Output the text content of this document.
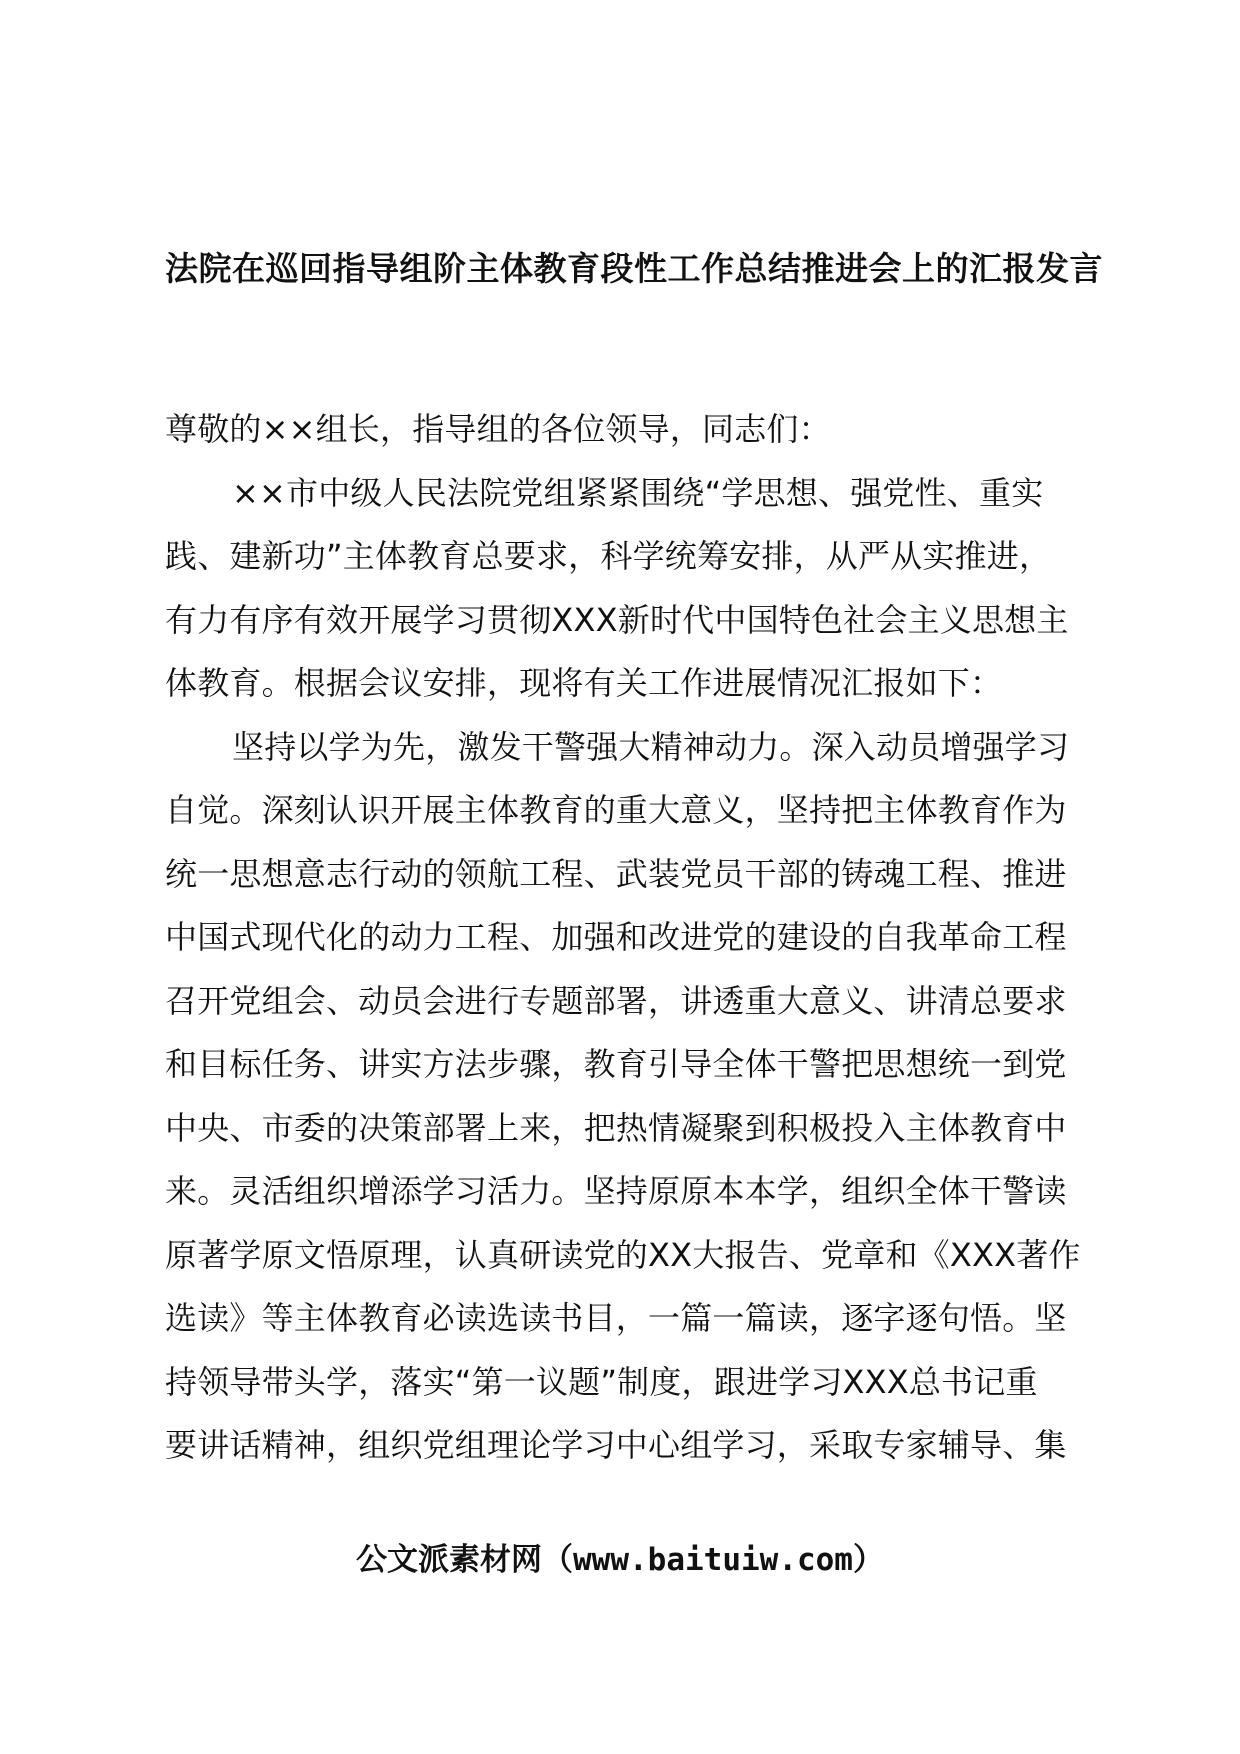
法院在巡回指导组阶主体教育段性工作总结推进会上的汇报发言
尊敬的××组长，指导组的各位领导，同志们：
××市中级人民法院党组紧紧围绕“学思想、强党性、重实
践、建新功”主体教育总要求，科学统筹安排，从严从实推进，
有力有序有效开展学习贯彻XXX新时代中国特色社会主义思想主
体教育。根据会议安排，现将有关工作进展情况汇报如下：
坚持以学为先，激发干警强大精神动力。深入动员增强学习
自觉。深刻认识开展主体教育的重大意义，坚持把主体教育作为
统一思想意志行动的领航工程、武装党员干部的铸魂工程、推进
中国式现代化的动力工程、加强和改进党的建设的自我革命工程
召开党组会、动员会进行专题部署，讲透重大意义、讲清总要求
和目标任务、讲实方法步骤，教育引导全体干警把思想统一到党
中央、市委的决策部署上来，把热情凝聚到积极投入主体教育中
来。灵活组织增添学习活力。坚持原原本本学，组织全体干警读
原著学原文悟原理，认真研读党的XX大报告、党章和《XXX著作
选读》等主体教育必读选读书目，一篇一篇读，逐字逐句悟。坚
持领导带头学，落实“第一议题”制度，跟进学习XXX总书记重
要讲话精神，组织党组理论学习中心组学习，采取专家辅导、集
公文派素材网（www.baituiw.com）
